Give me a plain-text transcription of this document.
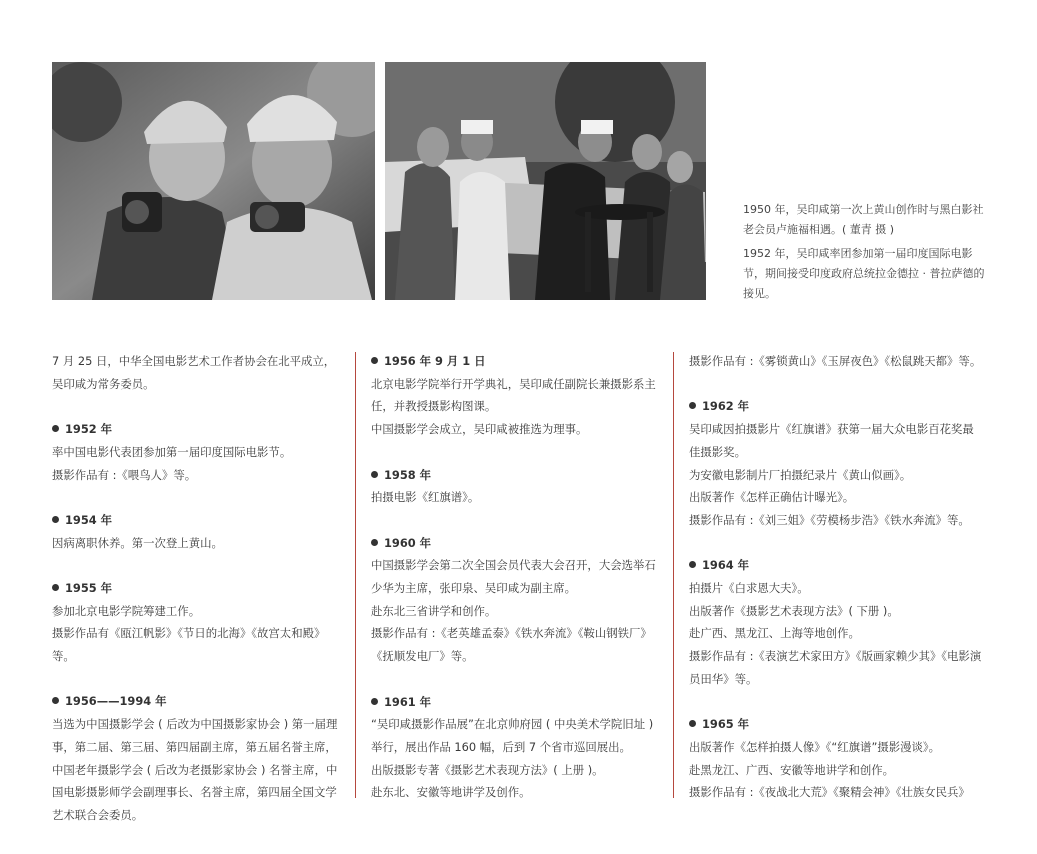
1950 年，吴印咸第一次上黄山创作时与黑白影社老会员卢施福相遇。( 董青 摄 )

1952 年，吴印咸率团参加第一届印度国际电影节，期间接受印度政府总统拉金德拉 · 普拉萨德的接见。

7 月 25 日，中华全国电影艺术工作者协会在北平成立，吴印咸为常务委员。

1952 年

率中国电影代表团参加第一届印度国际电影节。

摄影作品有 :《喂鸟人》等。

1954 年

因病离职休养。第一次登上黄山。

1955 年

参加北京电影学院筹建工作。

摄影作品有《瓯江帆影》《节日的北海》《故宫太和殿》等。

1956——1994 年

当选为中国摄影学会 ( 后改为中国摄影家协会 ) 第一届理事，第二届、第三届、第四届副主席，第五届名誉主席，中国老年摄影学会 ( 后改为老摄影家协会 ) 名誉主席，中国电影摄影师学会副理事长、名誉主席，第四届全国文学艺术联合会委员。

1956 年 9 月 1 日

北京电影学院举行开学典礼，吴印咸任副院长兼摄影系主任，并教授摄影构图课。

中国摄影学会成立，吴印咸被推选为理事。

1958 年

拍摄电影《红旗谱》。

1960 年

中国摄影学会第二次全国会员代表大会召开，大会选举石少华为主席，张印泉、吴印咸为副主席。

赴东北三省讲学和创作。

摄影作品有 :《老英雄孟泰》《铁水奔流》《鞍山钢铁厂》《抚顺发电厂》等。

1961 年

“吴印咸摄影作品展”在北京帅府园 ( 中央美术学院旧址 ) 举行，展出作品 160 幅，后到 7 个省市巡回展出。

出版摄影专著《摄影艺术表现方法》( 上册 )。

赴东北、安徽等地讲学及创作。

摄影作品有 :《雾锁黄山》《玉屏夜色》《松鼠跳天都》等。

1962 年

吴印咸因拍摄影片《红旗谱》获第一届大众电影百花奖最佳摄影奖。

为安徽电影制片厂拍摄纪录片《黄山似画》。

出版著作《怎样正确估计曝光》。

摄影作品有 :《刘三姐》《劳模杨步浩》《铁水奔流》等。

1964 年

拍摄片《白求恩大夫》。

出版著作《摄影艺术表现方法》( 下册 )。

赴广西、黑龙江、上海等地创作。

摄影作品有 :《表演艺术家田方》《版画家赖少其》《电影演员田华》等。

1965 年

出版著作《怎样拍摄人像》《“红旗谱”摄影漫谈》。

赴黑龙江、广西、安徽等地讲学和创作。

摄影作品有 :《夜战北大荒》《聚精会神》《壮族女民兵》
